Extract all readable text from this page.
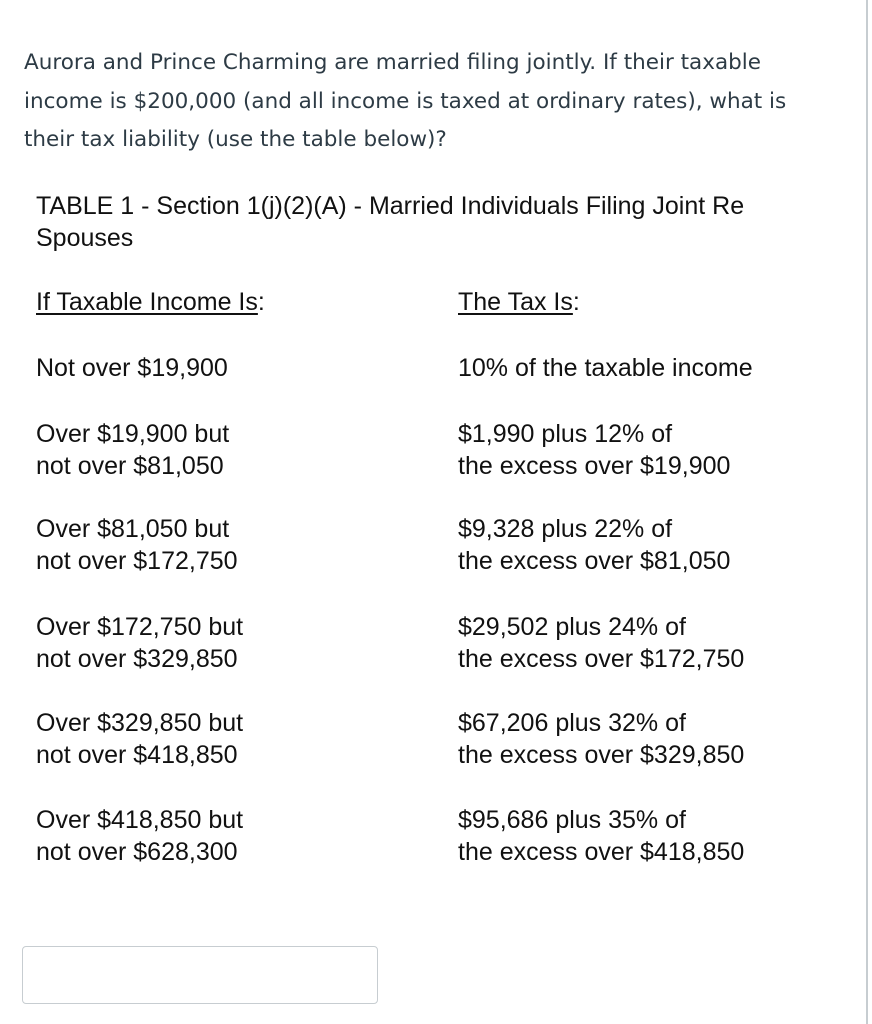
Aurora and Prince Charming are married filing jointly. If their taxable
income is $200,000 (and all income is taxed at ordinary rates), what is
their tax liability (use the table below)?

TABLE 1 - Section 1(j)(2)(A) - Married Individuals Filing Joint Re
Spouses
If Taxable Income Is:	The Tax Is:
Not over $19,900	10% of the taxable income
Over $19,900 but
not over $81,050
$1,990 plus 12% of
the excess over $19,900
Over $81,050 but
not over $172,750
$9,328 plus 22% of
the excess over $81,050
Over $172,750 but
not over $329,850
$29,502 plus 24% of
the excess over $172,750
Over $329,850 but
not over $418,850
$67,206 plus 32% of
the excess over $329,850
Over $418,850 but
not over $628,300
$95,686 plus 35% of
the excess over $418,850
